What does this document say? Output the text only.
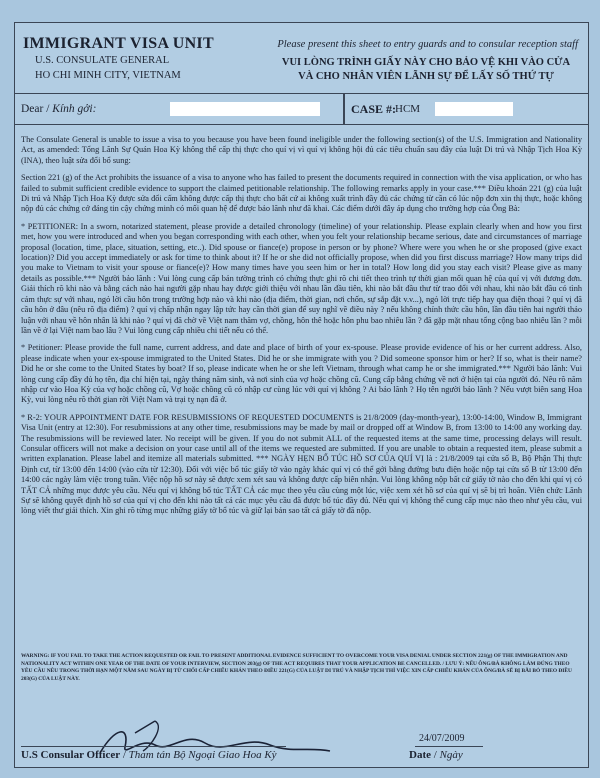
IMMIGRANT VISA UNIT
U.S. CONSULATE GENERAL
HO CHI MINH CITY, VIETNAM
Please present this sheet to entry guards and to consular reception staff
VUI LÒNG TRÌNH GIẤY NÀY CHO BẢO VỆ KHI VÀO CỬA
VÀ CHO NHÂN VIÊN LÃNH SỰ ĐỂ LẤY SỐ THỨ TỰ
Dear / Kính gởi:	CASE #:
HCM

The Consulate General is unable to issue a visa to you because you have been found ineligible under the following section(s) of the U.S. Immigration and Nationality Act, as amended: Tổng Lãnh Sự Quán Hoa Kỳ không thể cấp thị thực cho quí vị vì quí vị không hội đủ các tiêu chuẩn sau đây của luật Di trú và Nhập Tịch Hoa Kỳ (INA), theo luật sửa đổi bổ sung:

Section 221 (g) of the Act prohibits the issuance of a visa to anyone who has failed to present the documents required in connection with the visa application, or who has failed to submit sufficient credible evidence to support the claimed petitionable relationship. The following remarks apply in your case.*** Điều khoản 221 (g) của luật Di trú và Nhập Tịch Hoa Kỳ được sửa đổi cấm không được cấp thị thực cho bất cứ ai không xuất trình đầy đủ các chứng từ cần có lúc nộp đơn xin thị thực, hoặc không nộp đủ các chứng cớ đáng tin cậy chứng minh có mối quan hệ để được bảo lãnh như đã khai. Các điểm dưới đây áp dụng cho trường hợp của Ông Bà:

* PETITIONER: In a sworn, notarized statement, please provide a detailed chronology (timeline) of your relationship. Please explain clearly when and how you first met, how you were introduced and when you began corresponding with each other, when you felt your relationship became serious, date and circumstances of marriage proposal (location, time, place, situation, setting, etc..). Did spouse or fiance(e) propose in person or by phone? Where were you when he or she proposed (give exact location)? Did you accept immediately or ask for time to think about it? If he or she did not officially propose, when did you first discuss marriage? How many trips did you make to Vietnam to visit your spouse or fiance(e)? How many times have you seen him or her in total? How long did you stay each visit? Please give as many details as possible.*** Người bảo lãnh : Vui lòng cung cấp bản tường trình có chứng thực ghi rõ chi tiết theo trình tự thời gian mối quan hệ của quí vị với đương đơn. Giải thích rõ khi nào và bằng cách nào hai người gặp nhau hay được giới thiệu với nhau lần đầu tiên, khi nào bắt đầu thư từ trao đổi với nhau, khi nào bắt đầu có tình cảm thực sự với nhau, ngỏ lời cầu hôn trong trường hợp nào và khi nào (địa điểm, thời gian, nơi chốn, sự sắp đặt v.v...), ngỏ lời trực tiếp hay qua điện thoại ? quí vị đã cầu hôn ở đâu (nêu rõ địa điểm) ? quí vị chấp nhận ngay lập tức hay cần thời gian để suy nghĩ về điều này ? nếu không chính thức cầu hôn, lần đầu tiên hai người thảo luận với nhau về hôn nhân là khi nào ? quí vị đã chờ về Việt nam thăm vợ, chồng, hôn thê hoặc hôn phu bao nhiêu lần ? đã gặp mặt nhau tổng cộng bao nhiêu lần ? mỗi lần về ở lại Việt nam bao lâu ? Vui lòng cung cấp nhiều chi tiết nếu có thể.

* Petitioner: Please provide the full name, current address, and date and place of birth of your ex-spouse. Please provide evidence of his or her current address. Also, please indicate when your ex-spouse immigrated to the United States. Did he or she immigrate with you ? Did someone sponsor him or her? If so, what is their name? Did he or she come to the United States by boat? If so, please indicate when he or she left Vietnam, through what camp he or she immigrated.*** Người bảo lãnh: Vui lòng cung cấp đầy đủ họ tên, địa chỉ hiện tại, ngày tháng năm sinh, và nơi sinh của vợ hoặc chồng cũ. Cung cấp bằng chứng về nơi ở hiện tại của người đó. Nêu rõ năm nhập cư vào Hoa Kỳ của vợ hoặc chồng cũ, Vợ hoặc chồng cũ có nhập cư cùng lúc với quí vị không ? Ai bảo lãnh ? Họ tên người bảo lãnh ? Nếu vượt biên sang Hoa Kỳ, vui lòng nêu rõ thời gian rời Việt Nam và trại tỵ nạn đã ở.

* R-2: YOUR APPOINTMENT DATE FOR RESUBMISSIONS OF REQUESTED DOCUMENTS is 21/8/2009 (day-month-year), 13:00-14:00, Window B, Immigrant Visa Unit (entry at 12:30). For resubmissions at any other time, resubmissions may be made by mail or dropped off at Window B, from 13:00 to 14:00 any working day. The resubmissions will be reviewed later. No receipt will be given. If you do not submit ALL of the requested items at the same time, processing delays will result. Consular officers will not make a decision on your case until all of the items we requested are submitted. If you are unable to obtain a requested item, please submit a written explanation. Please label and itemize all materials submitted. *** NGÀY HẸN BỔ TÚC HỒ SƠ CỦA QUÍ VỊ là : 21/8/2009 tại cửa số B, Bộ Phận Thị thực Định cư, từ 13:00 đến 14:00 (vào cửa từ 12:30). Đối với việc bổ túc giấy tờ vào ngày khác quí vị có thể gởi bằng đường bưu điện hoặc nộp tại cửa số B từ 13:00 đến 14:00 các ngày làm việc trong tuần. Việc nộp hồ sơ này sẽ được xem xét sau và không được cấp biên nhận. Vui lòng không nộp bất cứ giấy tờ nào cho đến khi quí vị có TẤT CẢ những mục được yêu cầu. Nếu quí vị không bổ túc TẤT CẢ các mục theo yêu cầu cùng một lúc, việc xem xét hồ sơ của quí vị sẽ bị trì hoãn. Viên chức Lãnh Sự sẽ không quyết định hồ sơ của quí vị cho đến khi nào tất cả các mục yêu cầu đã được bổ túc đầy đủ. Nếu quí vị không thể cung cấp mục nào theo như yêu cầu, vui lòng viết thư giải thích. Xin ghi rõ từng mục những giấy tờ bổ túc và giữ lại bản sao tất cả giấy tờ đã nộp.

WARNING: IF YOU FAIL TO TAKE THE ACTION REQUESTED OR FAIL TO PRESENT ADDITIONAL EVIDENCE SUFFICIENT TO OVERCOME YOUR VISA DENIAL UNDER SECTION 221(g) OF THE IMMIGRATION AND NATIONALITY ACT WITHIN ONE YEAR OF THE DATE OF YOUR INTERVIEW, SECTION 203(g) OF THE ACT REQUIRES THAT YOUR APPLICATION BE CANCELLED. / LƯU Ý: NẾU ÔNG/BÀ KHÔNG LÀM ĐÚNG THEO YÊU CẦU NÊU TRONG THỜI HẠN MỘT NĂM SAU NGÀY BỊ TỪ CHỐI CẤP CHIẾU KHÁN THEO ĐIỀU 221(G) CỦA LUẬT DI TRÚ VÀ NHẬP TỊCH THÌ VIỆC XIN CẤP CHIẾU KHÁN CỦA ÔNG/BÀ SẼ BỊ BÃI BỎ THEO ĐIỀU 203(G) CỦA LUẬT NÀY.
U.S Consular Officer / Tham tán Bộ Ngoại Giao Hoa Kỳ
24/07/2009
Date / Ngày
